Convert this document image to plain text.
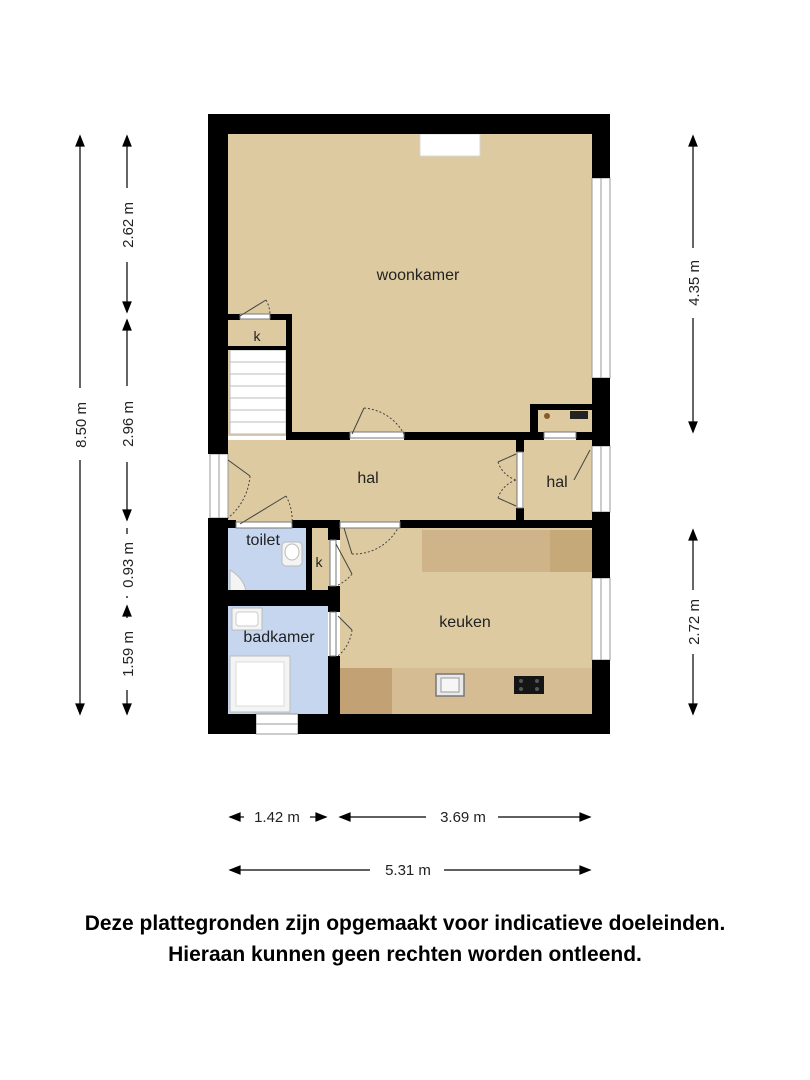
woonkamer
k
hal	hal
toilet
k
badkamer
keuken
8.50 m
2.62 m
2.96 m
0.93 m
1.59 m
4.35 m
2.72 m
1.42 m	3.69 m
5.31 m
Deze plattegronden zijn opgemaakt voor indicatieve doeleinden.
Hieraan kunnen geen rechten worden ontleend.
